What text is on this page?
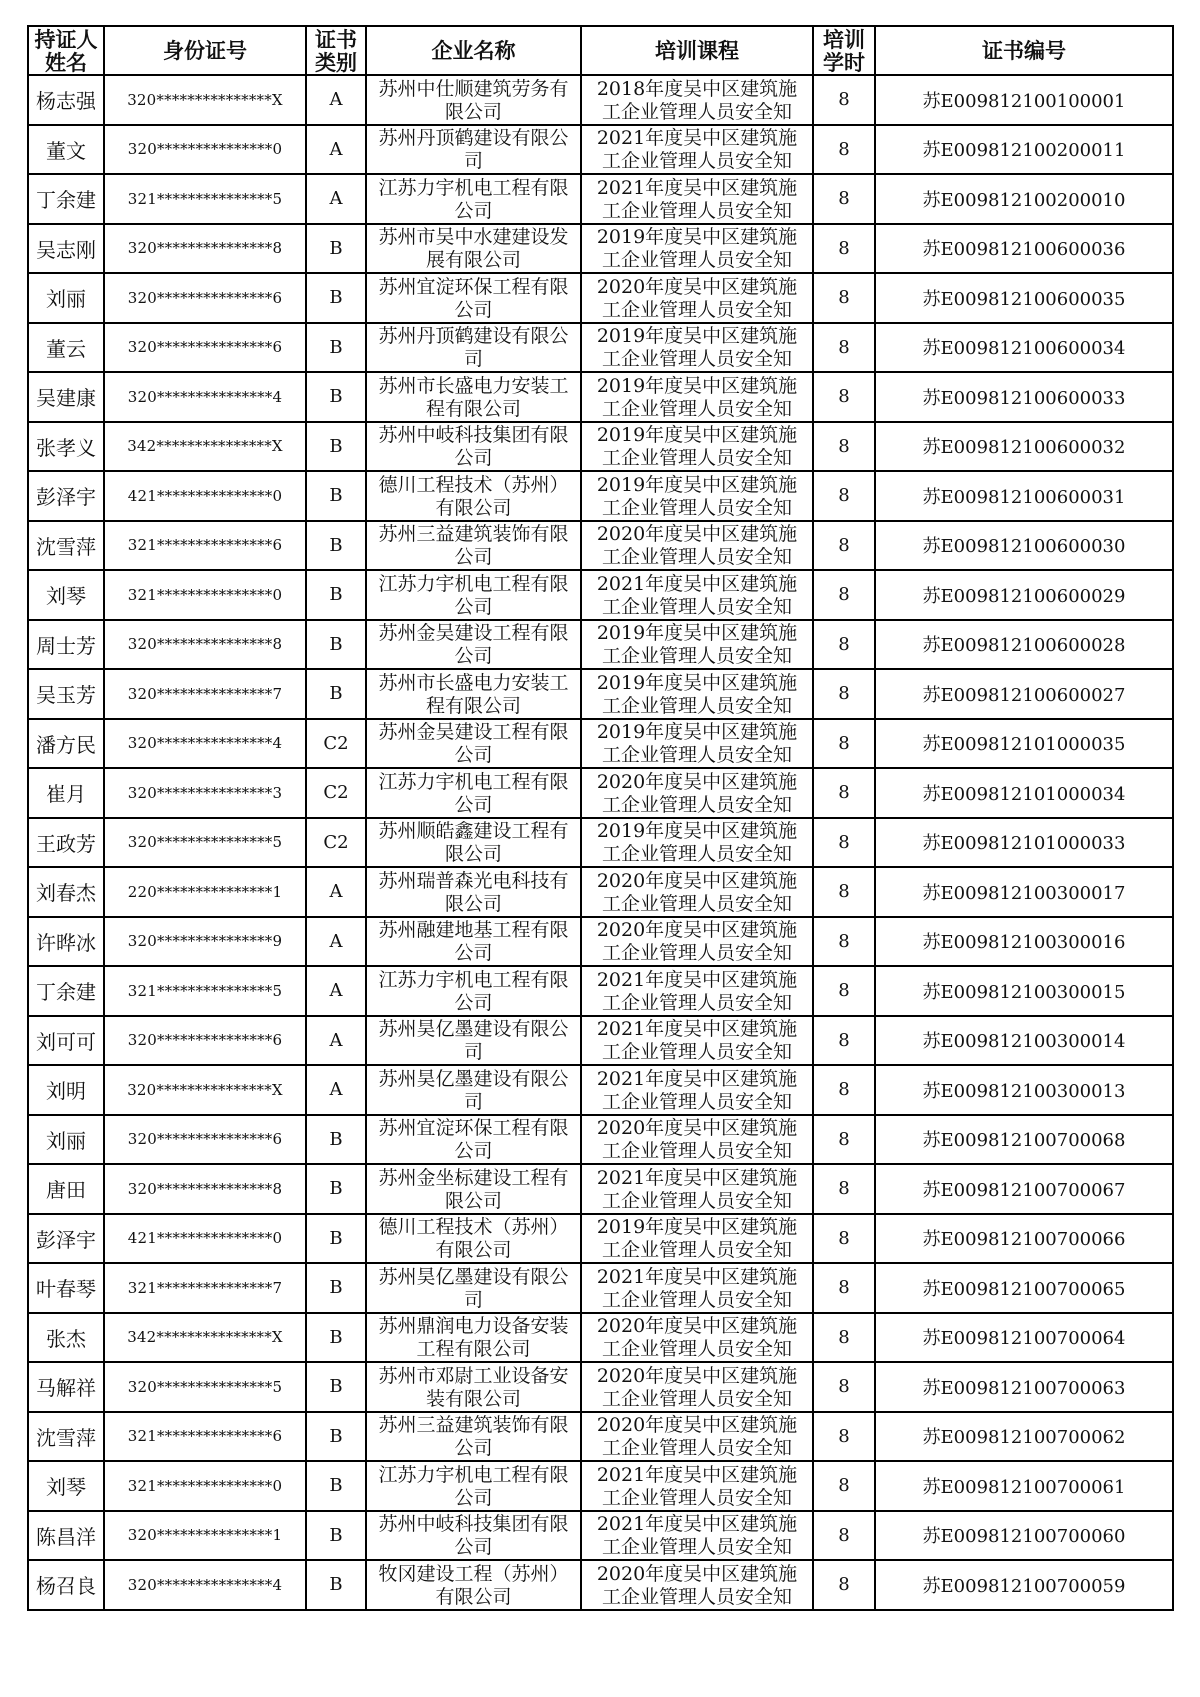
持证人姓名	身份证号	证书类别	企业名称	培训课程	培训学时	证书编号
杨志强	320***************X	A	苏州中仕顺建筑劳务有限公司	2018年度吴中区建筑施工企业管理人员安全知	8	苏E009812100100001
董文	320***************0	A	苏州丹顶鹤建设有限公司	2021年度吴中区建筑施工企业管理人员安全知	8	苏E009812100200011
丁余建	321***************5	A	江苏力宇机电工程有限公司	2021年度吴中区建筑施工企业管理人员安全知	8	苏E009812100200010
吴志刚	320***************8	B	苏州市吴中水建建设发展有限公司	2019年度吴中区建筑施工企业管理人员安全知	8	苏E009812100600036
刘丽	320***************6	B	苏州宜淀环保工程有限公司	2020年度吴中区建筑施工企业管理人员安全知	8	苏E009812100600035
董云	320***************6	B	苏州丹顶鹤建设有限公司	2019年度吴中区建筑施工企业管理人员安全知	8	苏E009812100600034
吴建康	320***************4	B	苏州市长盛电力安装工程有限公司	2019年度吴中区建筑施工企业管理人员安全知	8	苏E009812100600033
张孝义	342***************X	B	苏州中岐科技集团有限公司	2019年度吴中区建筑施工企业管理人员安全知	8	苏E009812100600032
彭泽宇	421***************0	B	德川工程技术（苏州）有限公司	2019年度吴中区建筑施工企业管理人员安全知	8	苏E009812100600031
沈雪萍	321***************6	B	苏州三益建筑装饰有限公司	2020年度吴中区建筑施工企业管理人员安全知	8	苏E009812100600030
刘琴	321***************0	B	江苏力宇机电工程有限公司	2021年度吴中区建筑施工企业管理人员安全知	8	苏E009812100600029
周士芳	320***************8	B	苏州金吴建设工程有限公司	2019年度吴中区建筑施工企业管理人员安全知	8	苏E009812100600028
吴玉芳	320***************7	B	苏州市长盛电力安装工程有限公司	2019年度吴中区建筑施工企业管理人员安全知	8	苏E009812100600027
潘方民	320***************4	C2	苏州金吴建设工程有限公司	2019年度吴中区建筑施工企业管理人员安全知	8	苏E009812101000035
崔月	320***************3	C2	江苏力宇机电工程有限公司	2020年度吴中区建筑施工企业管理人员安全知	8	苏E009812101000034
王政芳	320***************5	C2	苏州顺皓鑫建设工程有限公司	2019年度吴中区建筑施工企业管理人员安全知	8	苏E009812101000033
刘春杰	220***************1	A	苏州瑞普森光电科技有限公司	2020年度吴中区建筑施工企业管理人员安全知	8	苏E009812100300017
许晔冰	320***************9	A	苏州融建地基工程有限公司	2020年度吴中区建筑施工企业管理人员安全知	8	苏E009812100300016
丁余建	321***************5	A	江苏力宇机电工程有限公司	2021年度吴中区建筑施工企业管理人员安全知	8	苏E009812100300015
刘可可	320***************6	A	苏州昊亿墨建设有限公司	2021年度吴中区建筑施工企业管理人员安全知	8	苏E009812100300014
刘明	320***************X	A	苏州昊亿墨建设有限公司	2021年度吴中区建筑施工企业管理人员安全知	8	苏E009812100300013
刘丽	320***************6	B	苏州宜淀环保工程有限公司	2020年度吴中区建筑施工企业管理人员安全知	8	苏E009812100700068
唐田	320***************8	B	苏州金坐标建设工程有限公司	2021年度吴中区建筑施工企业管理人员安全知	8	苏E009812100700067
彭泽宇	421***************0	B	德川工程技术（苏州）有限公司	2019年度吴中区建筑施工企业管理人员安全知	8	苏E009812100700066
叶春琴	321***************7	B	苏州昊亿墨建设有限公司	2021年度吴中区建筑施工企业管理人员安全知	8	苏E009812100700065
张杰	342***************X	B	苏州鼎润电力设备安装工程有限公司	2020年度吴中区建筑施工企业管理人员安全知	8	苏E009812100700064
马解祥	320***************5	B	苏州市邓尉工业设备安装有限公司	2020年度吴中区建筑施工企业管理人员安全知	8	苏E009812100700063
沈雪萍	321***************6	B	苏州三益建筑装饰有限公司	2020年度吴中区建筑施工企业管理人员安全知	8	苏E009812100700062
刘琴	321***************0	B	江苏力宇机电工程有限公司	2021年度吴中区建筑施工企业管理人员安全知	8	苏E009812100700061
陈昌洋	320***************1	B	苏州中岐科技集团有限公司	2021年度吴中区建筑施工企业管理人员安全知	8	苏E009812100700060
杨召良	320***************4	B	牧冈建设工程（苏州）有限公司	2020年度吴中区建筑施工企业管理人员安全知	8	苏E009812100700059
